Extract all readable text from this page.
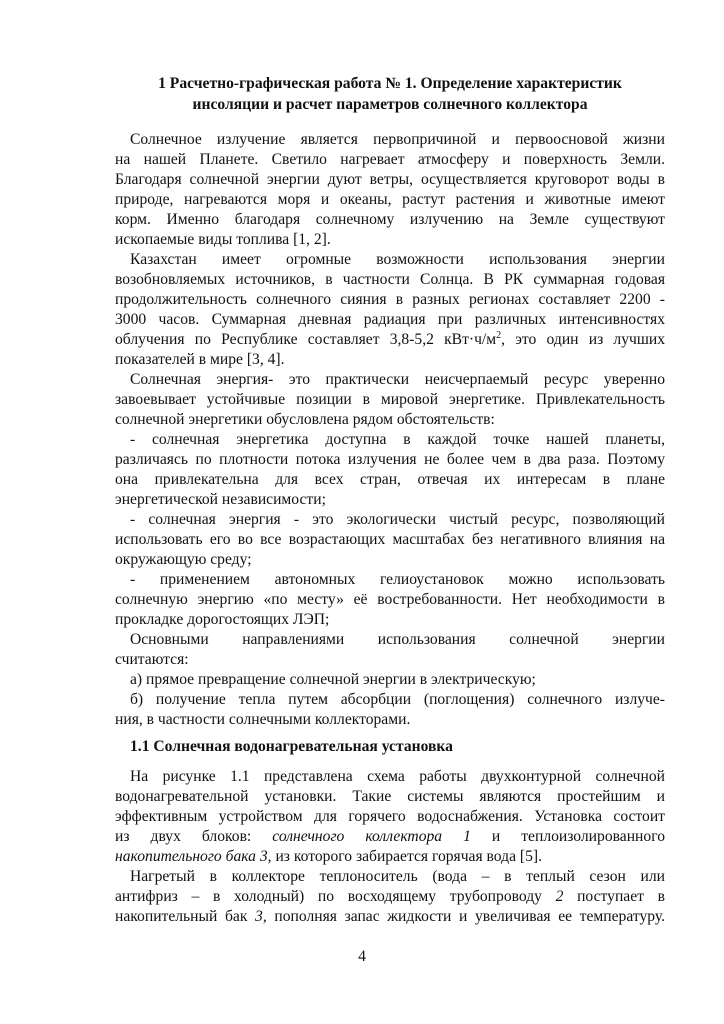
1 Расчетно-графическая работа № 1. Определение характеристик
инсоляции и расчет параметров солнечного коллектора
Солнечное излучение является первопричиной и первоосновой жизни
на нашей Планете. Светило нагревает атмосферу и поверхность Земли.
Благодаря солнечной энергии дуют ветры, осуществляется круговорот воды в
природе, нагреваются моря и океаны, растут растения и животные имеют
корм. Именно благодаря солнечному излучению на Земле существуют
ископаемые виды топлива [1, 2].
Казахстан имеет огромные возможности использования энергии
возобновляемых источников, в частности Солнца. В РК суммарная годовая
продолжительность солнечного сияния в разных регионах составляет 2200 -
3000 часов. Суммарная дневная радиация при различных интенсивностях
облучения по Республике составляет 3,8-5,2 $кВт\cdot ч/м^2$, это один из лучших
показателей в мире [3, 4].
Солнечная энергия- это практически неисчерпаемый ресурс уверенно
завоевывает устойчивые позиции в мировой энергетике. Привлекательность
солнечной энергетики обусловлена рядом обстоятельств:
- солнечная энергетика доступна в каждой точке нашей планеты,
различаясь по плотности потока излучения не более чем в два раза. Поэтому
она привлекательна для всех стран, отвечая их интересам в плане
энергетической независимости;
- солнечная энергия - это экологически чистый ресурс, позволяющий
использовать его во все возрастающих масштабах без негативного влияния на
окружающую среду;
- применением автономных гелиоустановок можно использовать
солнечную энергию «по месту» её востребованности. Нет необходимости в
прокладке дорогостоящих ЛЭП;
Основными направлениями использования солнечной энергии
считаются:
а) прямое превращение солнечной энергии в электрическую;
б) получение тепла путем абсорбции (поглощения) солнечного излуче-
ния, в частности солнечными коллекторами.
1.1 Солнечная водонагревательная установка
На рисунке 1.1 представлена схема работы двухконтурной солнечной
водонагревательной установки. Такие системы являются простейшим и
эффективным устройством для горячего водоснабжения. Установка состоит
из двух блоков: солнечного коллектора 1 и теплоизолированного
накопительного бака 3, из которого забирается горячая вода [5].
Нагретый в коллекторе теплоноситель (вода – в теплый сезон или
антифриз – в холодный) по восходящему трубопроводу 2 поступает в
накопительный бак 3, пополняя запас жидкости и увеличивая ее температуру.
4
